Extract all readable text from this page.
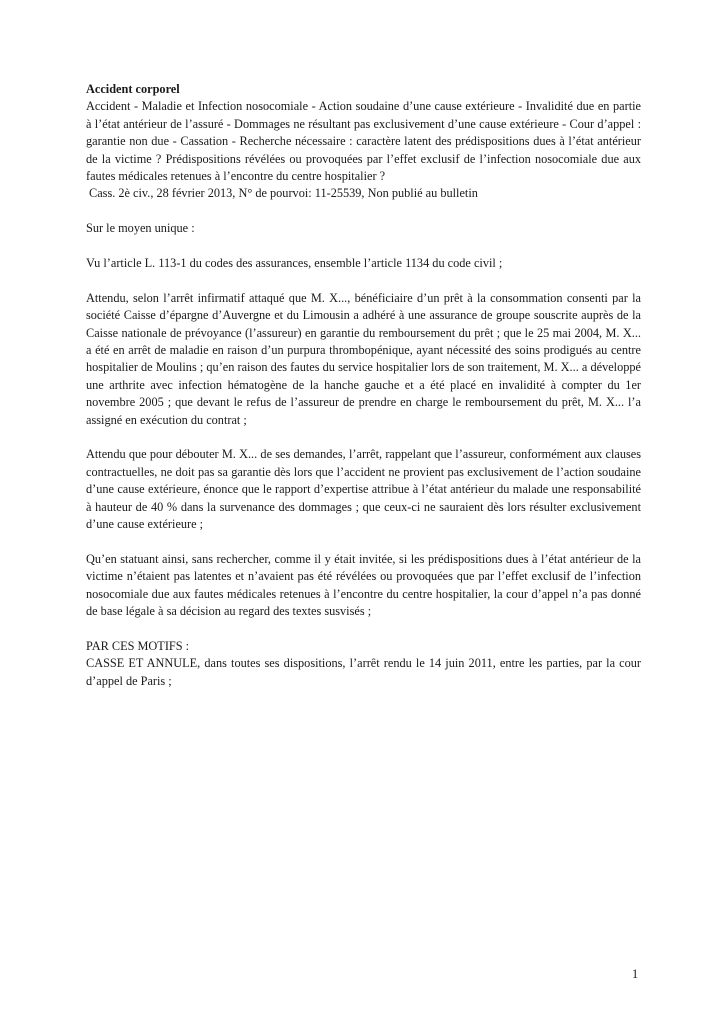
Accident corporel
Accident - Maladie et Infection nosocomiale - Action soudaine d’une cause extérieure - Invalidité due en partie à l’état antérieur de l’assuré - Dommages ne résultant pas exclusivement d’une cause extérieure - Cour d’appel : garantie non due - Cassation - Recherche nécessaire : caractère latent des prédispositions dues à l’état antérieur de la victime ? Prédispositions révélées ou provoquées par l’effet exclusif de l’infection nosocomiale due aux fautes médicales retenues à l’encontre du centre hospitalier ?
Cass. 2è civ., 28 février 2013, N° de pourvoi: 11-25539, Non publié au bulletin

Sur le moyen unique :

Vu l’article L. 113-1 du codes des assurances, ensemble l’article 1134 du code civil ;

Attendu, selon l’arrêt infirmatif attaqué que M. X..., bénéficiaire d’un prêt à la consommation consenti par la société Caisse d’épargne d’Auvergne et du Limousin a adhéré à une assurance de groupe souscrite auprès de la Caisse nationale de prévoyance (l’assureur) en garantie du remboursement du prêt ; que le 25 mai 2004, M. X... a été en arrêt de maladie en raison d’un purpura thrombopénique, ayant nécessité des soins prodigués au centre hospitalier de Moulins ; qu’en raison des fautes du service hospitalier lors de son traitement, M. X... a développé une arthrite avec infection hématogène de la hanche gauche et a été placé en invalidité à compter du 1er novembre 2005 ; que devant le refus de l’assureur de prendre en charge le remboursement du prêt, M. X... l’a assigné en exécution du contrat ;

Attendu que pour débouter M. X... de ses demandes, l’arrêt, rappelant que l’assureur, conformément aux clauses contractuelles, ne doit pas sa garantie dès lors que l’accident ne provient pas exclusivement de l’action soudaine d’une cause extérieure, énonce que le rapport d’expertise attribue à l’état antérieur du malade une responsabilité à hauteur de 40 % dans la survenance des dommages ; que ceux-ci ne sauraient dès lors résulter exclusivement d’une cause extérieure ;

Qu’en statuant ainsi, sans rechercher, comme il y était invitée, si les prédispositions dues à l’état antérieur de la victime n’étaient pas latentes et n’avaient pas été révélées ou provoquées que par l’effet exclusif de l’infection nosocomiale due aux fautes médicales retenues à l’encontre du centre hospitalier, la cour d’appel n’a pas donné de base légale à sa décision au regard des textes susvisés ;

PAR CES MOTIFS :

CASSE ET ANNULE, dans toutes ses dispositions, l’arrêt rendu le 14 juin 2011, entre les parties, par la cour d’appel de Paris ;

1
